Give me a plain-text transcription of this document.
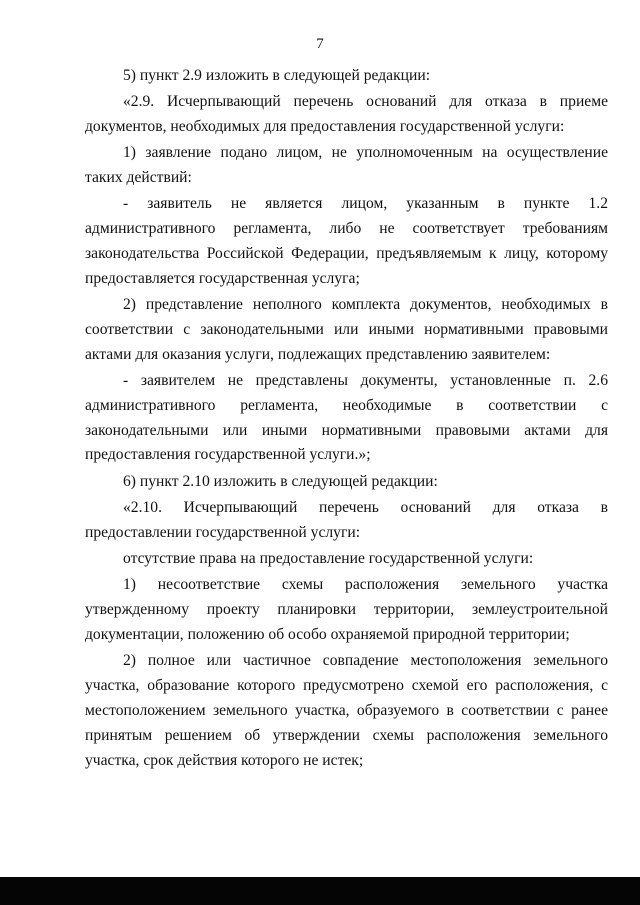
7

5) пункт 2.9 изложить в следующей редакции:

«2.9. Исчерпывающий перечень оснований для отказа в приеме документов, необходимых для предоставления государственной услуги:

1) заявление подано лицом, не уполномоченным на осуществление таких действий:

- заявитель не является лицом, указанным в пункте 1.2 административного регламента, либо не соответствует требованиям законодательства Российской Федерации, предъявляемым к лицу, которому предоставляется государственная услуга;

2) представление неполного комплекта документов, необходимых в соответствии с законодательными или иными нормативными правовыми актами для оказания услуги, подлежащих представлению заявителем:

- заявителем не представлены документы, установленные п. 2.6 административного регламента, необходимые в соответствии с законодательными или иными нормативными правовыми актами для предоставления государственной услуги.»;

6) пункт 2.10 изложить в следующей редакции:

«2.10. Исчерпывающий перечень оснований для отказа в предоставлении государственной услуги:

отсутствие права на предоставление государственной услуги:

1) несоответствие схемы расположения земельного участка утвержденному проекту планировки территории, землеустроительной документации, положению об особо охраняемой природной территории;

2) полное или частичное совпадение местоположения земельного участка, образование которого предусмотрено схемой его расположения, с местоположением земельного участка, образуемого в соответствии с ранее принятым решением об утверждении схемы расположения земельного участка, срок действия которого не истек;
